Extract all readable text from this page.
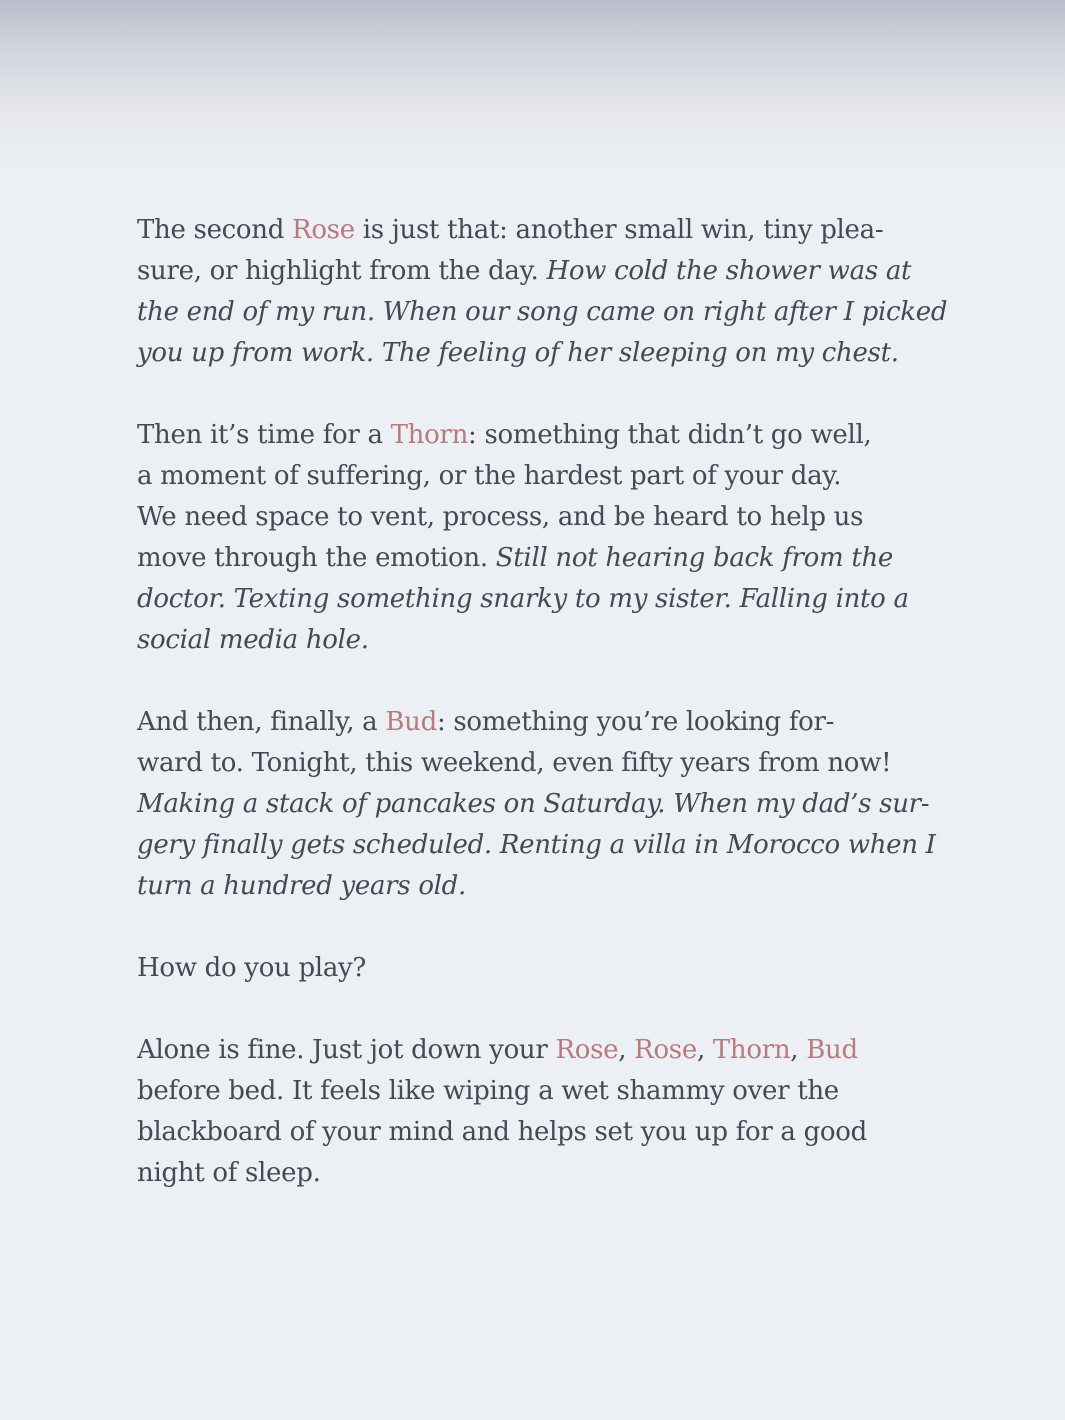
The second Rose is just that: another small win, tiny plea-
sure, or highlight from the day. How cold the shower was at
the end of my run. When our song came on right after I picked
you up from work. The feeling of her sleeping on my chest.

Then it’s time for a Thorn: something that didn’t go well,
a moment of suffering, or the hardest part of your day.
We need space to vent, process, and be heard to help us
move through the emotion. Still not hearing back from the
doctor. Texting something snarky to my sister. Falling into a
social media hole.

And then, finally, a Bud: something you’re looking for-
ward to. Tonight, this weekend, even fifty years from now!
Making a stack of pancakes on Saturday. When my dad’s sur-
gery finally gets scheduled. Renting a villa in Morocco when I
turn a hundred years old.

How do you play?

Alone is fine. Just jot down your Rose, Rose, Thorn, Bud
before bed. It feels like wiping a wet shammy over the
blackboard of your mind and helps set you up for a good
night of sleep.
